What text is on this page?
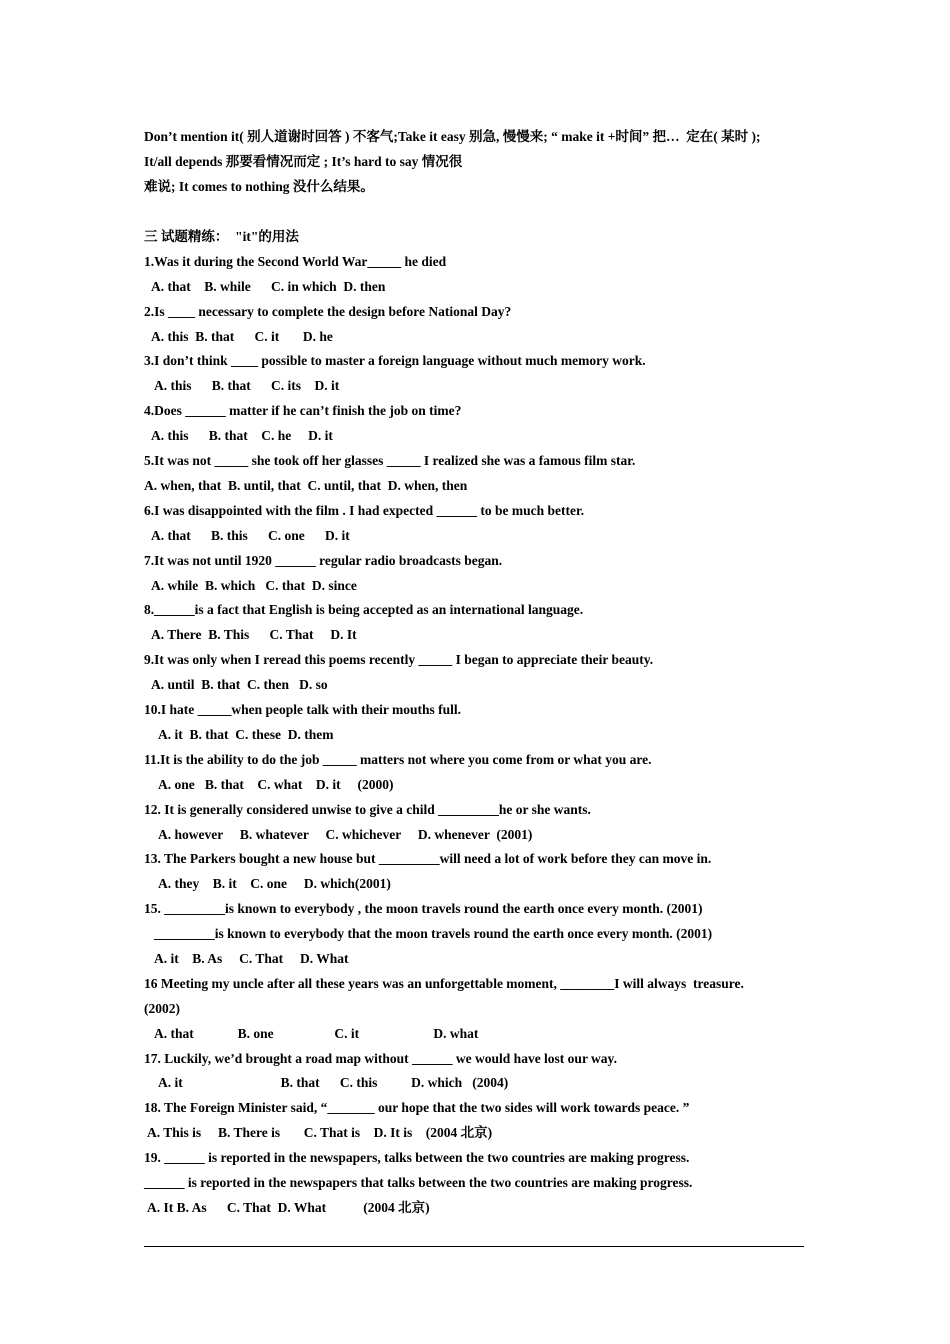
Don’t mention it( 别人道谢时回答 ) 不客气;Take it easy 别急, 慢慢来; “ make it +时间” 把…  定在( 某时 );
It/all depends 那要看情况而定 ; It’s hard to say 情况很
难说; It comes to nothing 没什么结果。
三 试题精练：  "it"的用法
1.Was it during the Second World War_____ he died
A. that    B. while      C. in which  D. then
2.Is ____ necessary to complete the design before National Day?
A. this  B. that      C. it       D. he
3.I don’t think ____ possible to master a foreign language without much memory work.
A. this      B. that      C. its    D. it
4.Does ______ matter if he can’t finish the job on time?
A. this      B. that    C. he     D. it
5.It was not _____ she took off her glasses _____ I realized she was a famous film star.
A. when, that  B. until, that  C. until, that  D. when, then
6.I was disappointed with the film . I had expected ______ to be much better.
A. that      B. this      C. one      D. it
7.It was not until 1920 ______ regular radio broadcasts began.
A. while  B. which   C. that  D. since
8.______is a fact that English is being accepted as an international language.
A. There  B. This      C. That     D. It
9.It was only when I reread this poems recently _____ I began to appreciate their beauty.
A. until  B. that  C. then   D. so
10.I hate _____when people talk with their mouths full.
A. it  B. that  C. these  D. them
11.It is the ability to do the job _____ matters not where you come from or what you are.
A. one   B. that    C. what    D. it     (2000)
12. It is generally considered unwise to give a child _________he or she wants.
A. however     B. whatever     C. whichever     D. whenever  (2001)
13. The Parkers bought a new house but _________will need a lot of work before they can move in.
A. they    B. it    C. one     D. which(2001)
15. _________is known to everybody , the moon travels round the earth once every month. (2001)
_________is known to everybody that the moon travels round the earth once every month. (2001)
A. it    B. As     C. That     D. What
16 Meeting my uncle after all these years was an unforgettable moment, ________I will always  treasure.
(2002)
A. that             B. one                  C. it                      D. what
17. Luckily, we’d brought a road map without ______ we would have lost our way.
A. it                             B. that      C. this          D. which   (2004)
18. The Foreign Minister said, “_______ our hope that the two sides will work towards peace. ”
A. This is     B. There is       C. That is    D. It is    (2004 北京)
19. ______ is reported in the newspapers, talks between the two countries are making progress.
______ is reported in the newspapers that talks between the two countries are making progress.
A. It B. As      C. That  D. What           (2004 北京)
